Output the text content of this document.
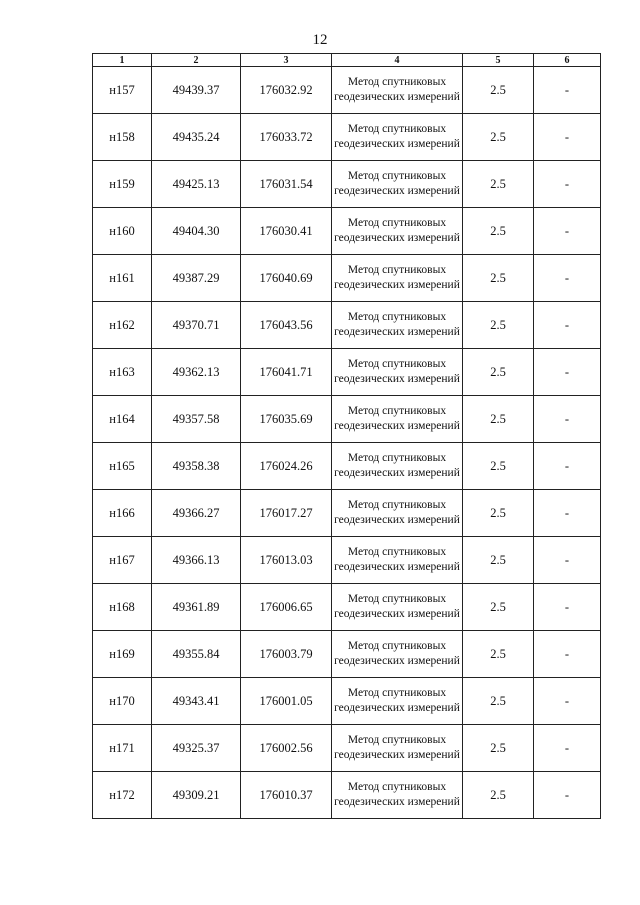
12
1	2	3	4	5	6
н157	49439.37	176032.92	Метод спутниковых геодезических измерений	2.5	-
н158	49435.24	176033.72	Метод спутниковых геодезических измерений	2.5	-
н159	49425.13	176031.54	Метод спутниковых геодезических измерений	2.5	-
н160	49404.30	176030.41	Метод спутниковых геодезических измерений	2.5	-
н161	49387.29	176040.69	Метод спутниковых геодезических измерений	2.5	-
н162	49370.71	176043.56	Метод спутниковых геодезических измерений	2.5	-
н163	49362.13	176041.71	Метод спутниковых геодезических измерений	2.5	-
н164	49357.58	176035.69	Метод спутниковых геодезических измерений	2.5	-
н165	49358.38	176024.26	Метод спутниковых геодезических измерений	2.5	-
н166	49366.27	176017.27	Метод спутниковых геодезических измерений	2.5	-
н167	49366.13	176013.03	Метод спутниковых геодезических измерений	2.5	-
н168	49361.89	176006.65	Метод спутниковых геодезических измерений	2.5	-
н169	49355.84	176003.79	Метод спутниковых геодезических измерений	2.5	-
н170	49343.41	176001.05	Метод спутниковых геодезических измерений	2.5	-
н171	49325.37	176002.56	Метод спутниковых геодезических измерений	2.5	-
н172	49309.21	176010.37	Метод спутниковых геодезических измерений	2.5	-
